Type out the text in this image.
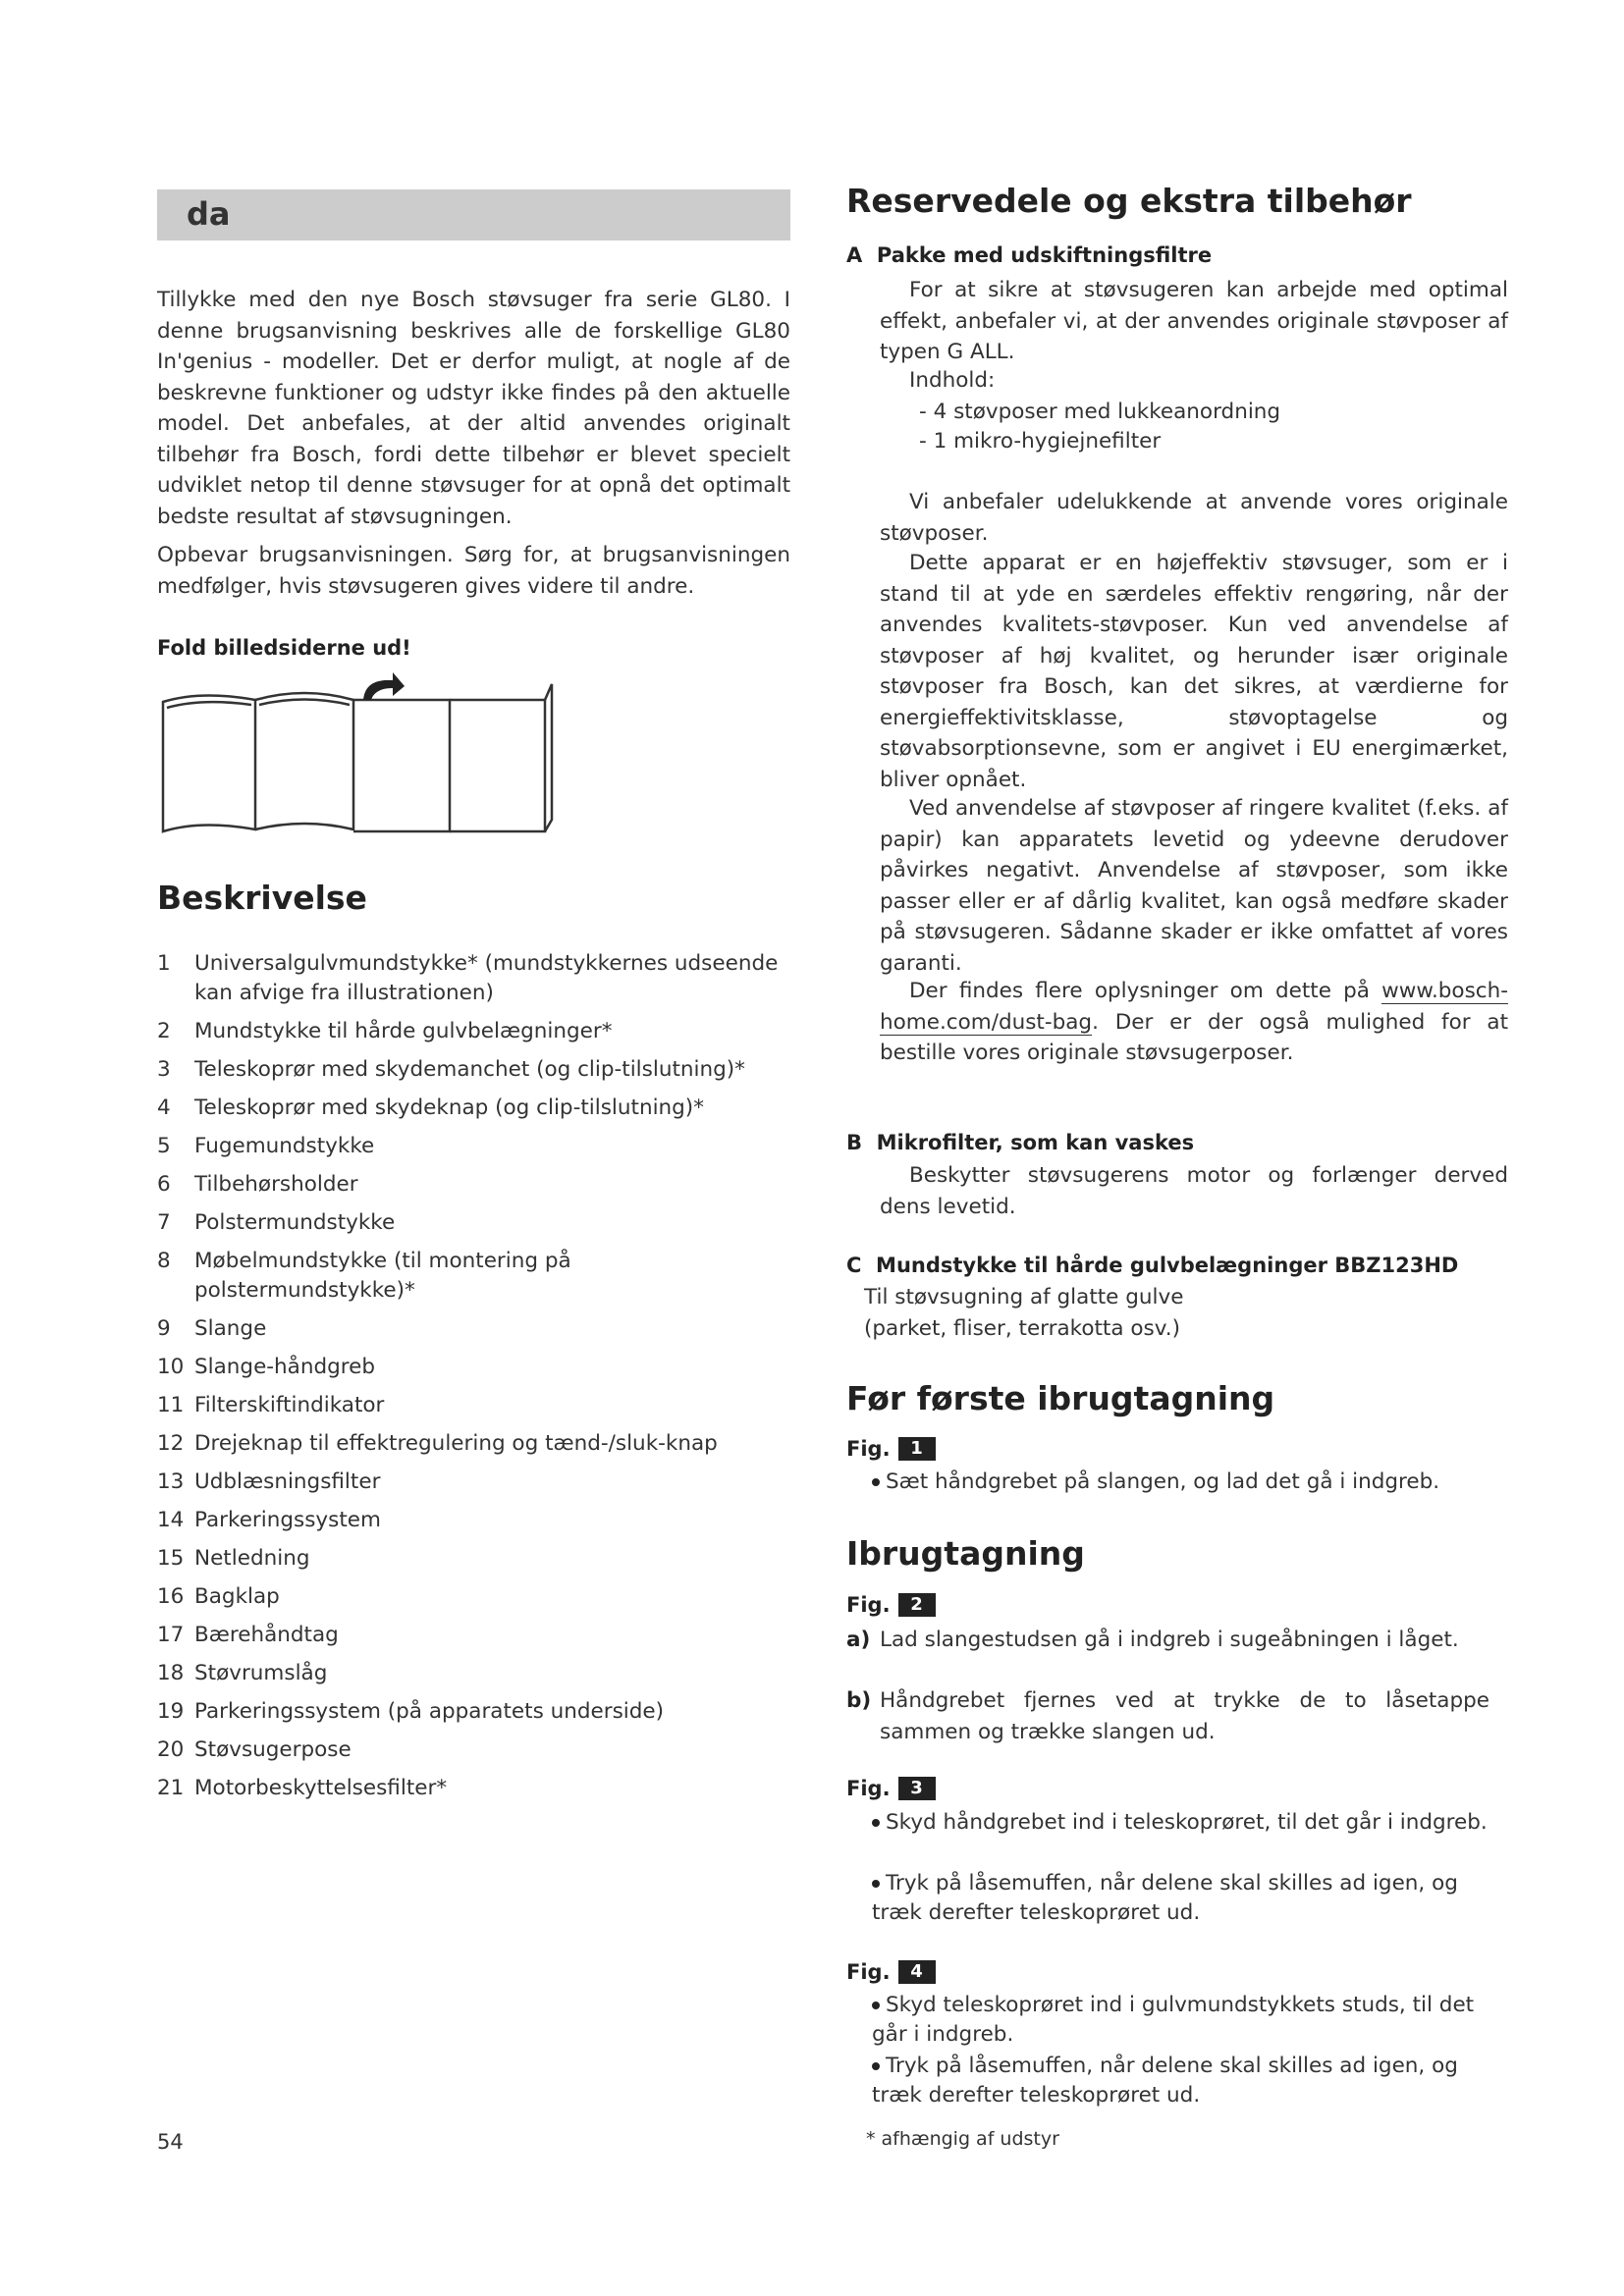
da

Tillykke med den nye Bosch støvsuger fra serie GL80. I denne brugsanvisning beskrives alle de forskellige GL80 In'genius - modeller. Det er derfor muligt, at nogle af de beskrevne funktioner og udstyr ikke findes på den aktuelle model. Det anbefales, at der altid anvendes originalt tilbehør fra Bosch, fordi dette tilbehør er blevet specielt udviklet netop til denne støvsuger for at opnå det optimalt bedste resultat af støvsugningen.

Opbevar brugsanvisningen. Sørg for, at brugsanvisningen medfølger, hvis støvsugeren gives videre til andre.

Fold billedsiderne ud!
Beskrivelse
1	Universalgulvmundstykke* (mundstykkernes udseende kan afvige fra illustrationen)
2	Mundstykke til hårde gulvbelægninger*
3	Teleskoprør med skydemanchet (og clip-tilslutning)*
4	Teleskoprør med skydeknap (og clip-tilslutning)*
5	Fugemundstykke
6	Tilbehørsholder
7	Polstermundstykke
8	Møbelmundstykke (til montering på polstermundstykke)*
9	Slange
10 Slange-håndgreb
11 Filterskiftindikator
12 Drejeknap til effektregulering og tænd-/sluk-knap
13 Udblæsningsfilter
14 Parkeringssystem
15 Netledning
16 Bagklap
17 Bærehåndtag
18 Støvrumslåg
19 Parkeringssystem (på apparatets underside)
20 Støvsugerpose
21 Motorbeskyttelsesfilter*
Reservedele og ekstra tilbehør
A Pakke med udskiftningsfiltre

For at sikre at støvsugeren kan arbejde med optimal effekt, anbefaler vi, at der anvendes originale støvposer af typen G ALL.

Indhold:
- 4 støvposer med lukkeanordning
- 1 mikro-hygiejnefilter

Vi anbefaler udelukkende at anvende vores originale støvposer.

Dette apparat er en højeffektiv støvsuger, som er i stand til at yde en særdeles effektiv rengøring, når der anvendes kvalitets-støvposer. Kun ved anvendelse af støvposer af høj kvalitet, og herunder især originale støvposer fra Bosch, kan det sikres, at værdierne for energieffektivitsklasse, støvoptagelse og støvabsorptionsevne, som er angivet i EU energimærket, bliver opnået.

Ved anvendelse af støvposer af ringere kvalitet (f.eks. af papir) kan apparatets levetid og ydeevne derudover påvirkes negativt. Anvendelse af støvposer, som ikke passer eller er af dårlig kvalitet, kan også medføre skader på støvsugeren. Sådanne skader er ikke omfattet af vores garanti.

Der findes flere oplysninger om dette på www.bosch-home.com/dust-bag. Der er der også mulighed for at bestille vores originale støvsugerposer.

B Mikrofilter, som kan vaskes

Beskytter støvsugerens motor og forlænger derved dens levetid.

C Mundstykke til hårde gulvbelægninger BBZ123HD
Til støvsugning af glatte gulve
(parket, fliser, terrakotta osv.)
Før første ibrugtagning
Fig.	1
Sæt håndgrebet på slangen, og lad det gå i indgreb.
Ibrugtagning
Fig.	2
a) Lad slangestudsen gå i indgreb i sugeåbningen i låget.
b) Håndgrebet fjernes ved at trykke de to låsetappe sammen og trække slangen ud.
Fig.	3
Skyd håndgrebet ind i teleskoprøret, til det går i indgreb.
Tryk på låsemuffen, når delene skal skilles ad igen, og træk derefter teleskoprøret ud.
Fig.	4
Skyd teleskoprøret ind i gulvmundstykkets studs, til det går i indgreb.
Tryk på låsemuffen, når delene skal skilles ad igen, og træk derefter teleskoprøret ud.
* afhængig af udstyr
54
